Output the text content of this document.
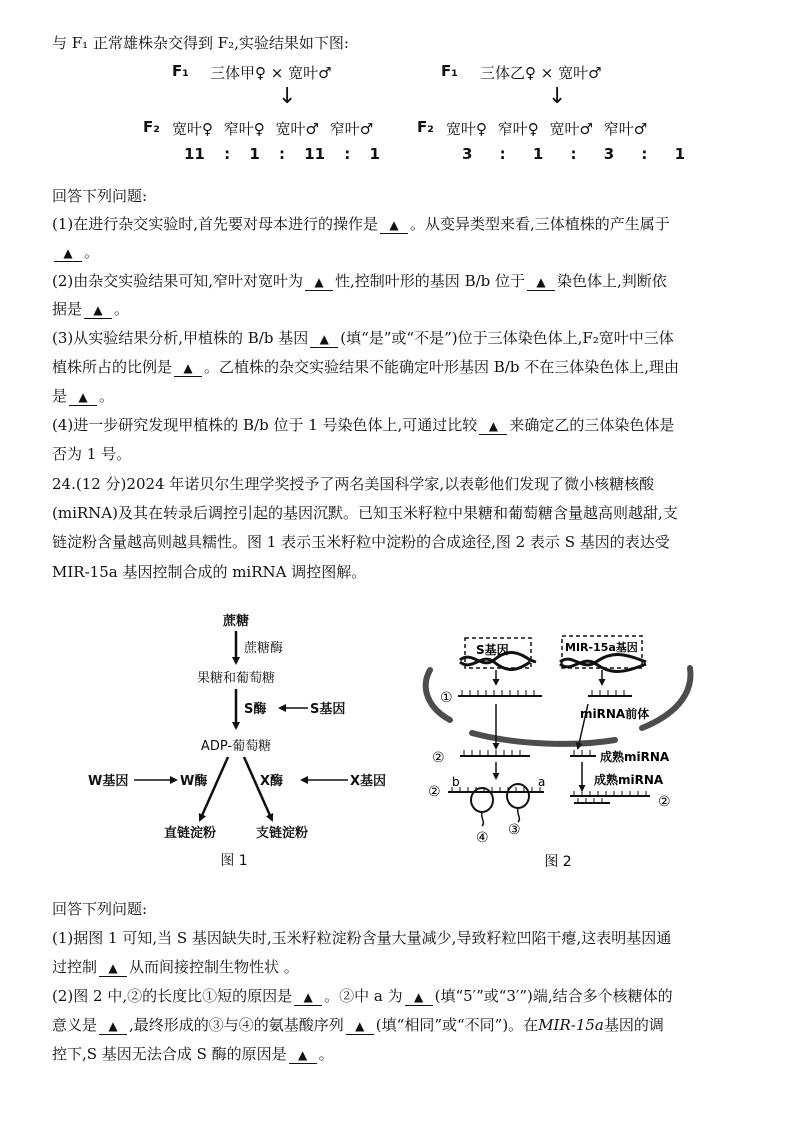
与 F₁ 正常雄株杂交得到 F₂,实验结果如下图:
F₁ 三体甲♀ × 宽叶♂
↓
F₂ 宽叶♀ 窄叶♀ 宽叶♂ 窄叶♂
11 : 1 : 11 : 1
F₁ 三体乙♀ × 宽叶♂
↓
F₂ 宽叶♀ 窄叶♀ 宽叶♂ 窄叶♂
3 : 1 : 3 : 1
回答下列问题:
(1)在进行杂交实验时,首先要对母本进行的操作是 ▲ 。从变异类型来看,三体植株的产生属于
▲ 。
(2)由杂交实验结果可知,窄叶对宽叶为 ▲ 性,控制叶形的基因 B/b 位于 ▲ 染色体上,判断依
据是 ▲ 。
(3)从实验结果分析,甲植株的 B/b 基因 ▲ (填“是”或“不是”)位于三体染色体上,F₂宽叶中三体
植株所占的比例是 ▲ 。乙植株的杂交实验结果不能确定叶形基因 B/b 不在三体染色体上,理由
是 ▲ 。
(4)进一步研究发现甲植株的 B/b 位于 1 号染色体上,可通过比较 ▲ 来确定乙的三体染色体是
否为 1 号。
24.(12 分)2024 年诺贝尔生理学奖授予了两名美国科学家,以表彰他们发现了微小核糖核酸
(miRNA)及其在转录后调控引起的基因沉默。已知玉米籽粒中果糖和葡萄糖含量越高则越甜,支
链淀粉含量越高则越具糯性。图 1 表示玉米籽粒中淀粉的合成途径,图 2 表示 S 基因的表达受
MIR-15a 基因控制合成的 miRNA 调控图解。
蔗糖
蔗糖酶
果糖和葡萄糖
S酶	S基因
ADP-葡萄糖
W基因	W酶	X酶	X基因
直链淀粉	支链淀粉
图 1
S基因	MIR-15a基因
①
miRNA前体
②	成熟miRNA
成熟miRNA
②
b	a
④ ③
②
图 2
回答下列问题:
(1)据图 1 可知,当 S 基因缺失时,玉米籽粒淀粉含量大量减少,导致籽粒凹陷干瘪,这表明基因通
过控制 ▲ 从而间接控制生物性状 。
(2)图 2 中,②的长度比①短的原因是 ▲ 。②中 a 为 ▲ (填“5′”或“3′”)端,结合多个核糖体的
意义是 ▲ ,最终形成的③与④的氨基酸序列 ▲ (填“相同”或“不同”)。在MIR-15a基因的调
控下,S 基因无法合成 S 酶的原因是 ▲ 。
